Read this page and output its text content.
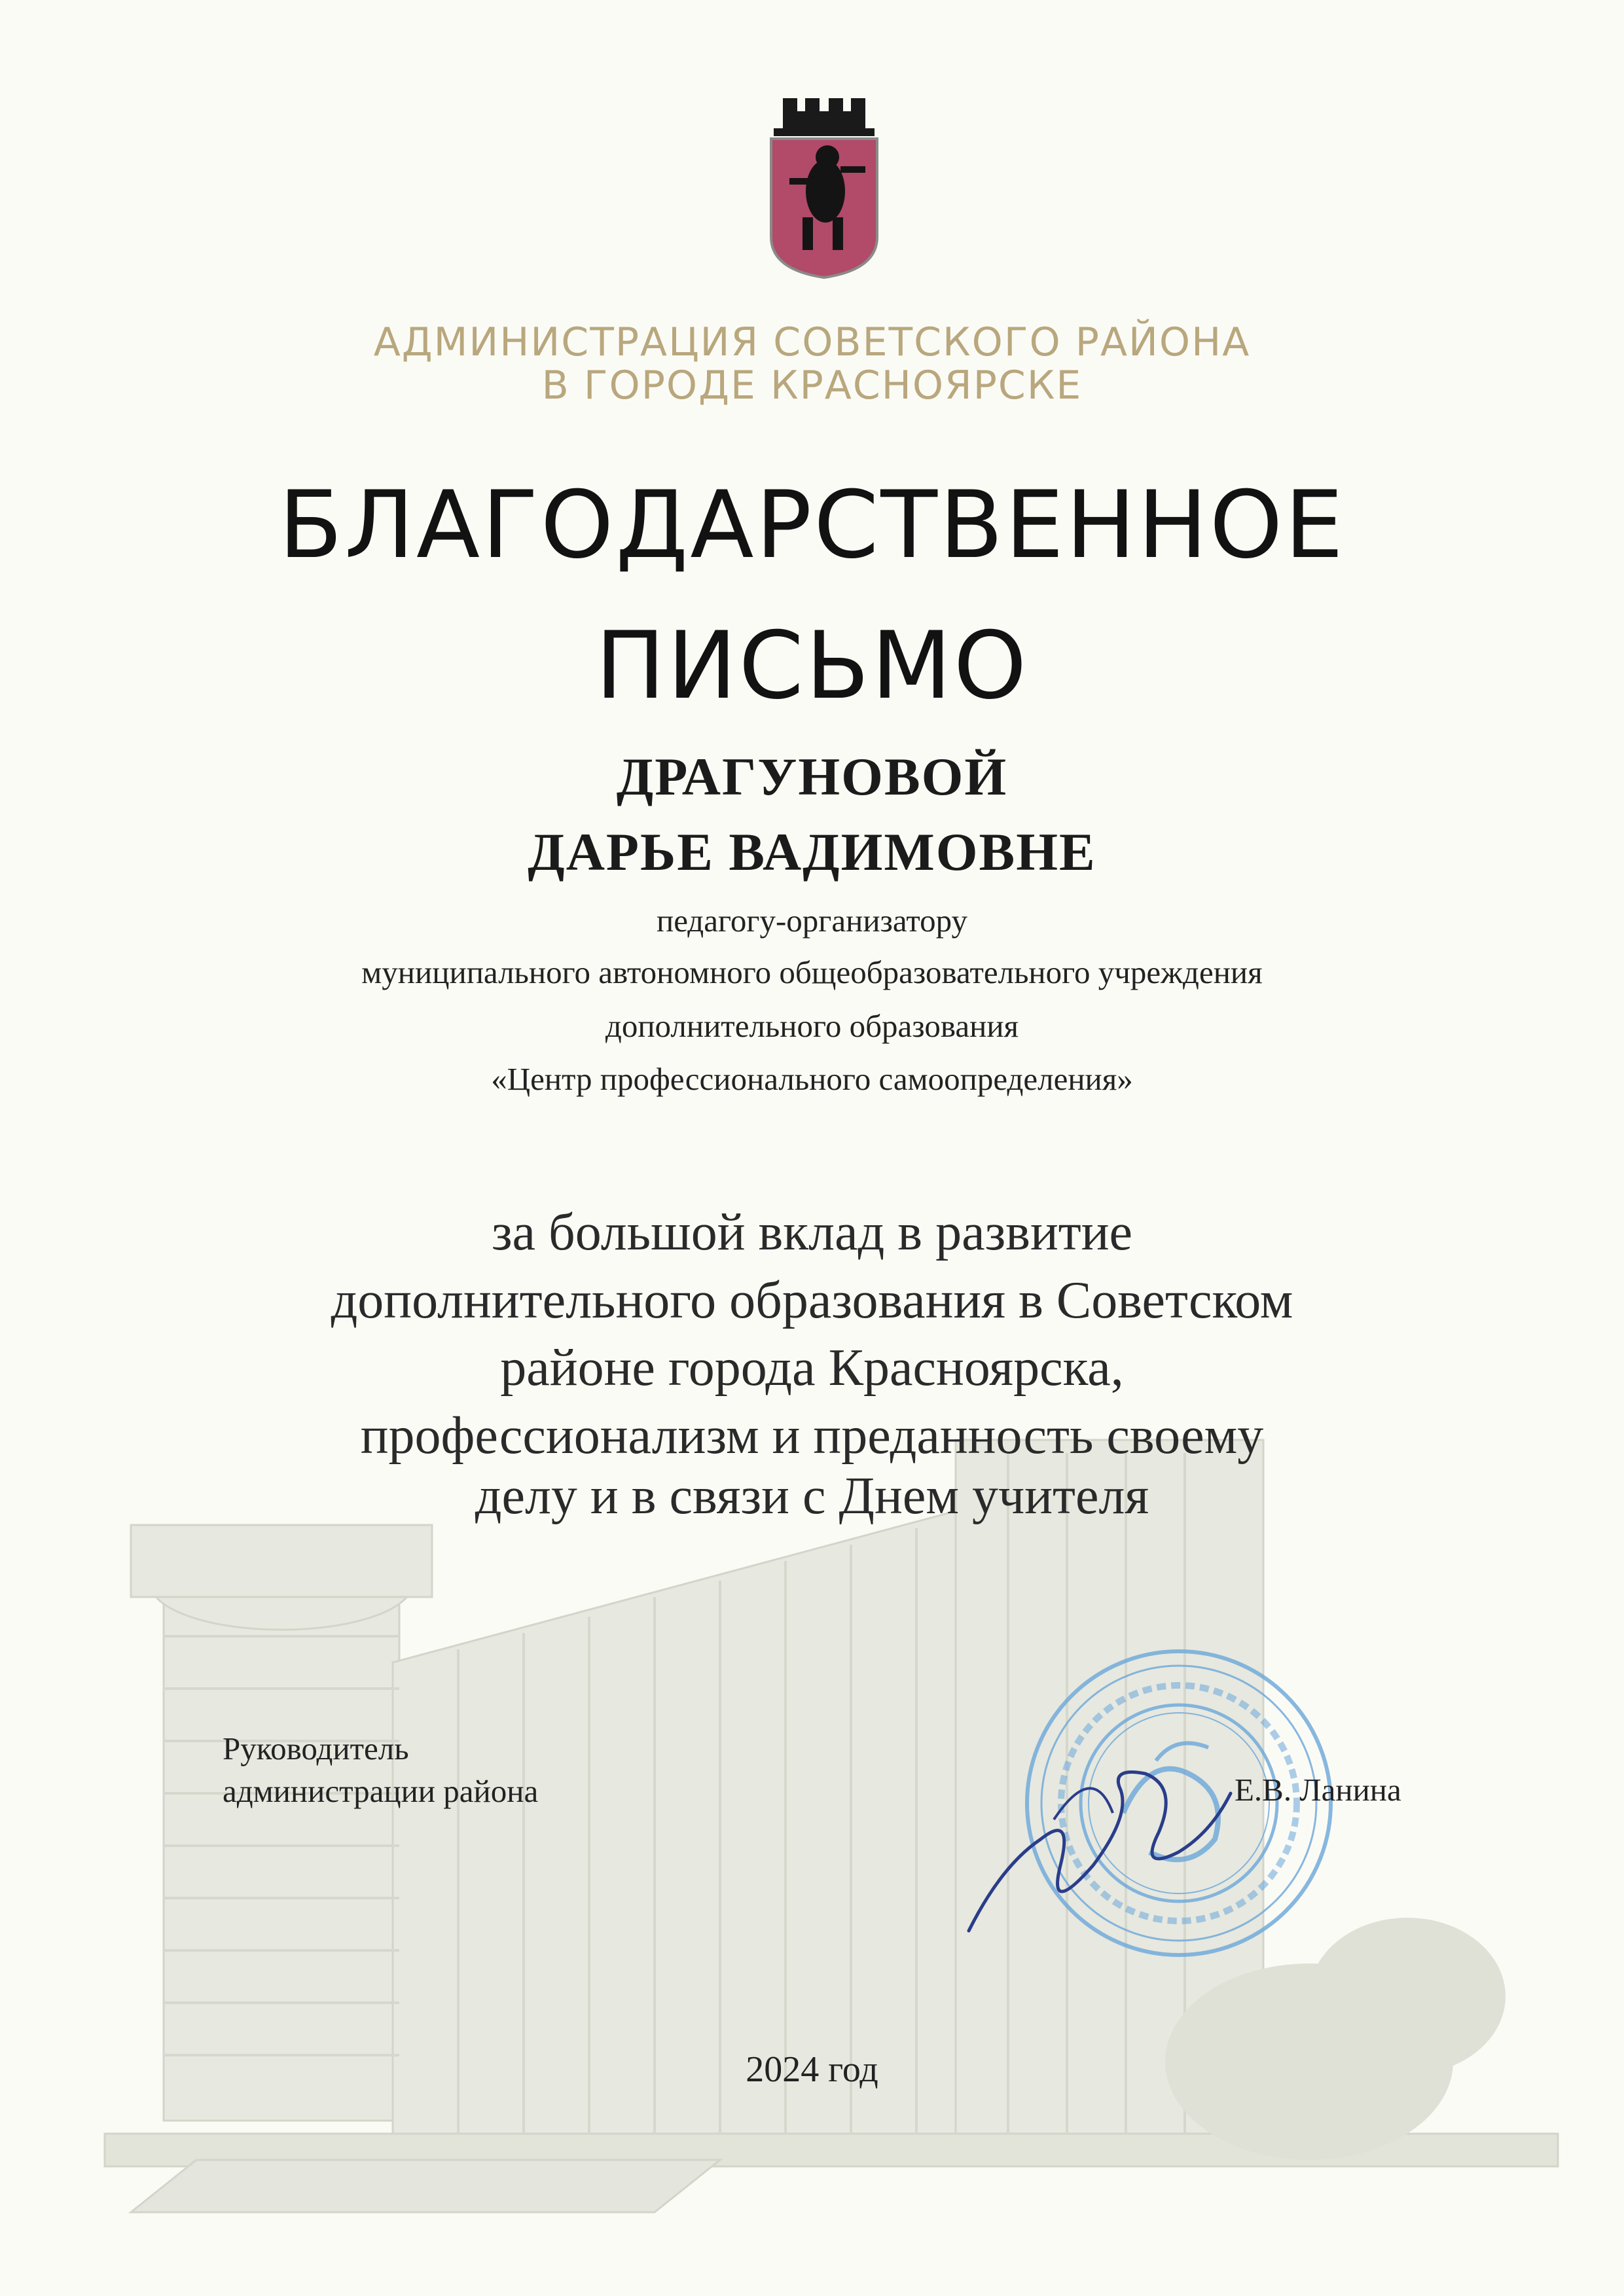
АДМИНИСТРАЦИЯ СОВЕТСКОГО РАЙОНА
В ГОРОДЕ КРАСНОЯРСКЕ
БЛАГОДАРСТВЕННОЕ
ПИСЬМО
ДРАГУНОВОЙ
ДАРЬЕ ВАДИМОВНЕ
педагогу-организатору
муниципального автономного общеобразовательного учреждения
дополнительного образования
«Центр профессионального самоопределения»
за большой вклад в развитие
дополнительного образования в Советском
районе города Красноярска,
профессионализм и преданность своему
делу и в связи с Днем учителя
Руководитель
администрации района	Е.В. Ланина
2024 год
